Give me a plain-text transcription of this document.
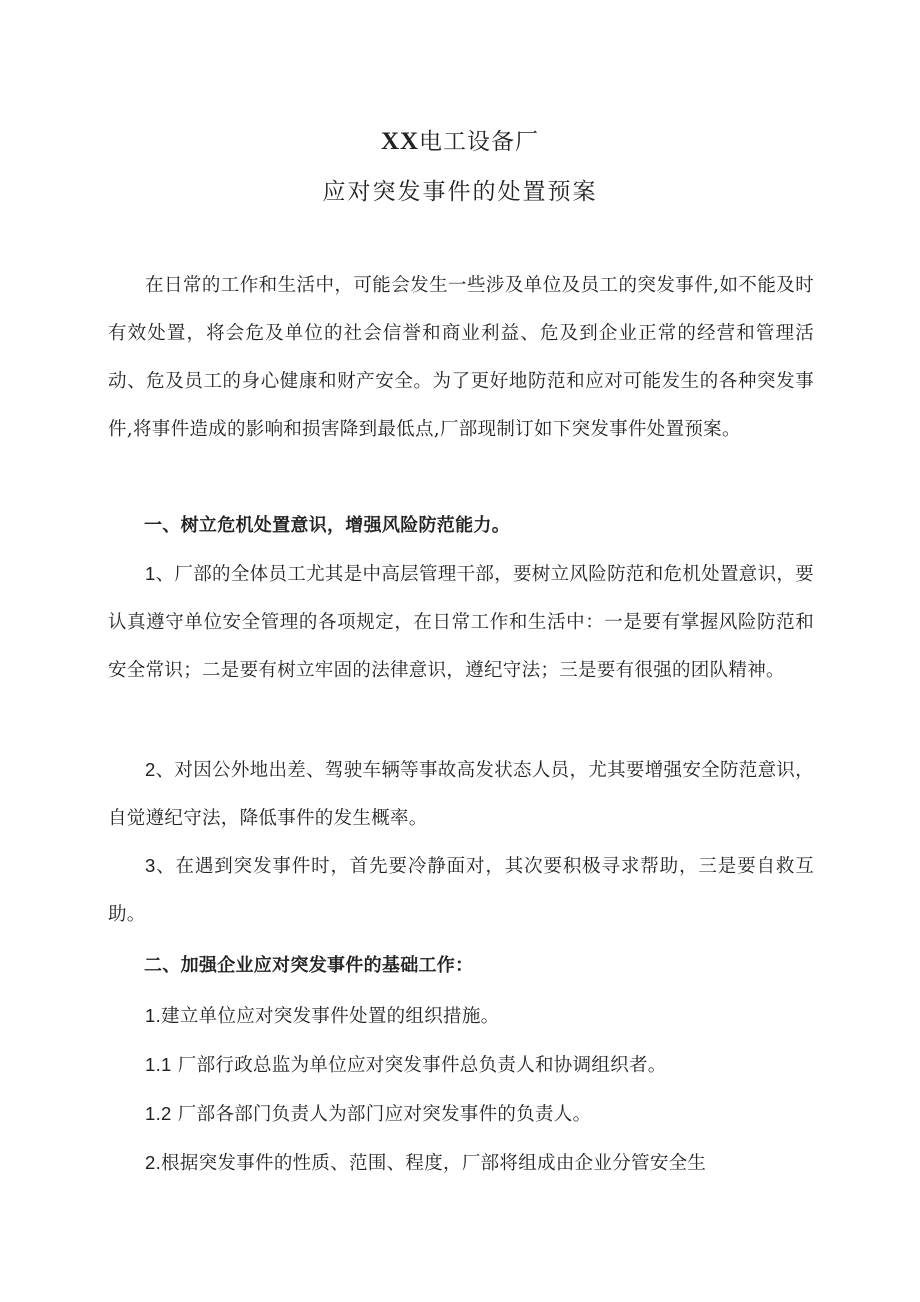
XX电工设备厂
应对突发事件的处置预案

在日常的工作和生活中，可能会发生一些涉及单位及员工的突发事件,如不能及时有效处置，将会危及单位的社会信誉和商业利益、危及到企业正常的经营和管理活动、危及员工的身心健康和财产安全。为了更好地防范和应对可能发生的各种突发事件,将事件造成的影响和损害降到最低点,厂部现制订如下突发事件处置预案。

一、树立危机处置意识，增强风险防范能力。

1、厂部的全体员工尤其是中高层管理干部，要树立风险防范和危机处置意识，要认真遵守单位安全管理的各项规定，在日常工作和生活中：一是要有掌握风险防范和安全常识；二是要有树立牢固的法律意识，遵纪守法；三是要有很强的团队精神。

2、对因公外地出差、驾驶车辆等事故高发状态人员，尤其要增强安全防范意识，自觉遵纪守法，降低事件的发生概率。

3、在遇到突发事件时，首先要冷静面对，其次要积极寻求帮助，三是要自救互助。

二、加强企业应对突发事件的基础工作：

1.建立单位应对突发事件处置的组织措施。

1.1 厂部行政总监为单位应对突发事件总负责人和协调组织者。

1.2 厂部各部门负责人为部门应对突发事件的负责人。

2.根据突发事件的性质、范围、程度，厂部将组成由企业分管安全生
